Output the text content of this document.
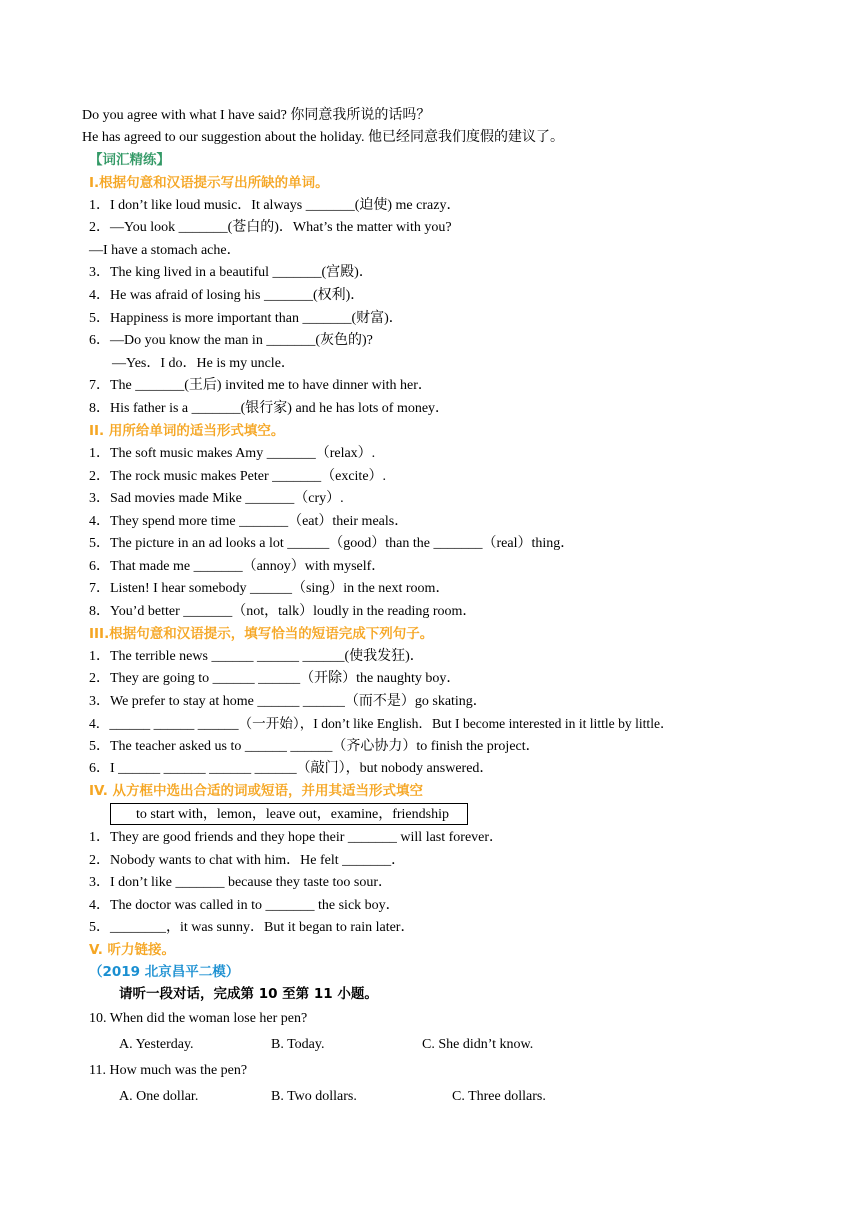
Do you agree with what I have said? 你同意我所说的话吗？
He has agreed to our suggestion about the holiday. 他已经同意我们度假的建议了。
【词汇精练】
I.根据句意和汉语提示写出所缺的单词。
1．I don’t like loud music．It always _______(迫使) me crazy．
2．—You look _______(苍白的)．What’s the matter with you?
—I have a stomach ache．
3．The king lived in a beautiful _______(宫殿)．
4．He was afraid of losing his _______(权利)．
5．Happiness is more important than _______(财富)．
6．—Do you know the man in _______(灰色的)?
—Yes．I do．He is my uncle．
7．The _______(王后) invited me to have dinner with her．
8．His father is a _______(银行家) and he has lots of money．
II. 用所给单词的适当形式填空。
1．The soft music makes Amy _______（relax）.
2．The rock music makes Peter _______（excite）.
3．Sad movies made Mike _______（cry）.
4．They spend more time _______（eat）their meals．
5．The picture in an ad looks a lot ______（good）than the _______（real）thing．
6．That made me _______（annoy）with myself．
7．Listen! I hear somebody ______（sing）in the next room．
8．You’d better _______（not，talk）loudly in the reading room．
III.根据句意和汉语提示，填写恰当的短语完成下列句子。
1．The terrible news ______ ______ ______(使我发狂)．
2．They are going to ______ ______（开除）the naughty boy．
3．We prefer to stay at home ______ ______（而不是）go skating．
4．______ ______ ______（一开始），I don’t like English．But I become interested in it little by little．
5．The teacher asked us to ______ ______（齐心协力）to finish the project．
6．I ______ ______ ______ ______（敲门），but nobody answered．
IV. 从方框中选出合适的词或短语，并用其适当形式填空
to start with，lemon，leave out，examine，friendship
1．They are good friends and they hope their _______ will last forever．
2．Nobody wants to chat with him．He felt _______．
3．I don’t like _______ because they taste too sour．
4．The doctor was called in to _______ the sick boy．
5．________，it was sunny．But it began to rain later．
V. 听力链接。
（2019 北京昌平二模）
请听一段对话，完成第 10 至第 11 小题。
10. When did the woman lose her pen?
A. Yesterday.	B. Today.	C. She didn’t know.
11. How much was the pen?
A. One dollar.	B. Two dollars.	C. Three dollars.
